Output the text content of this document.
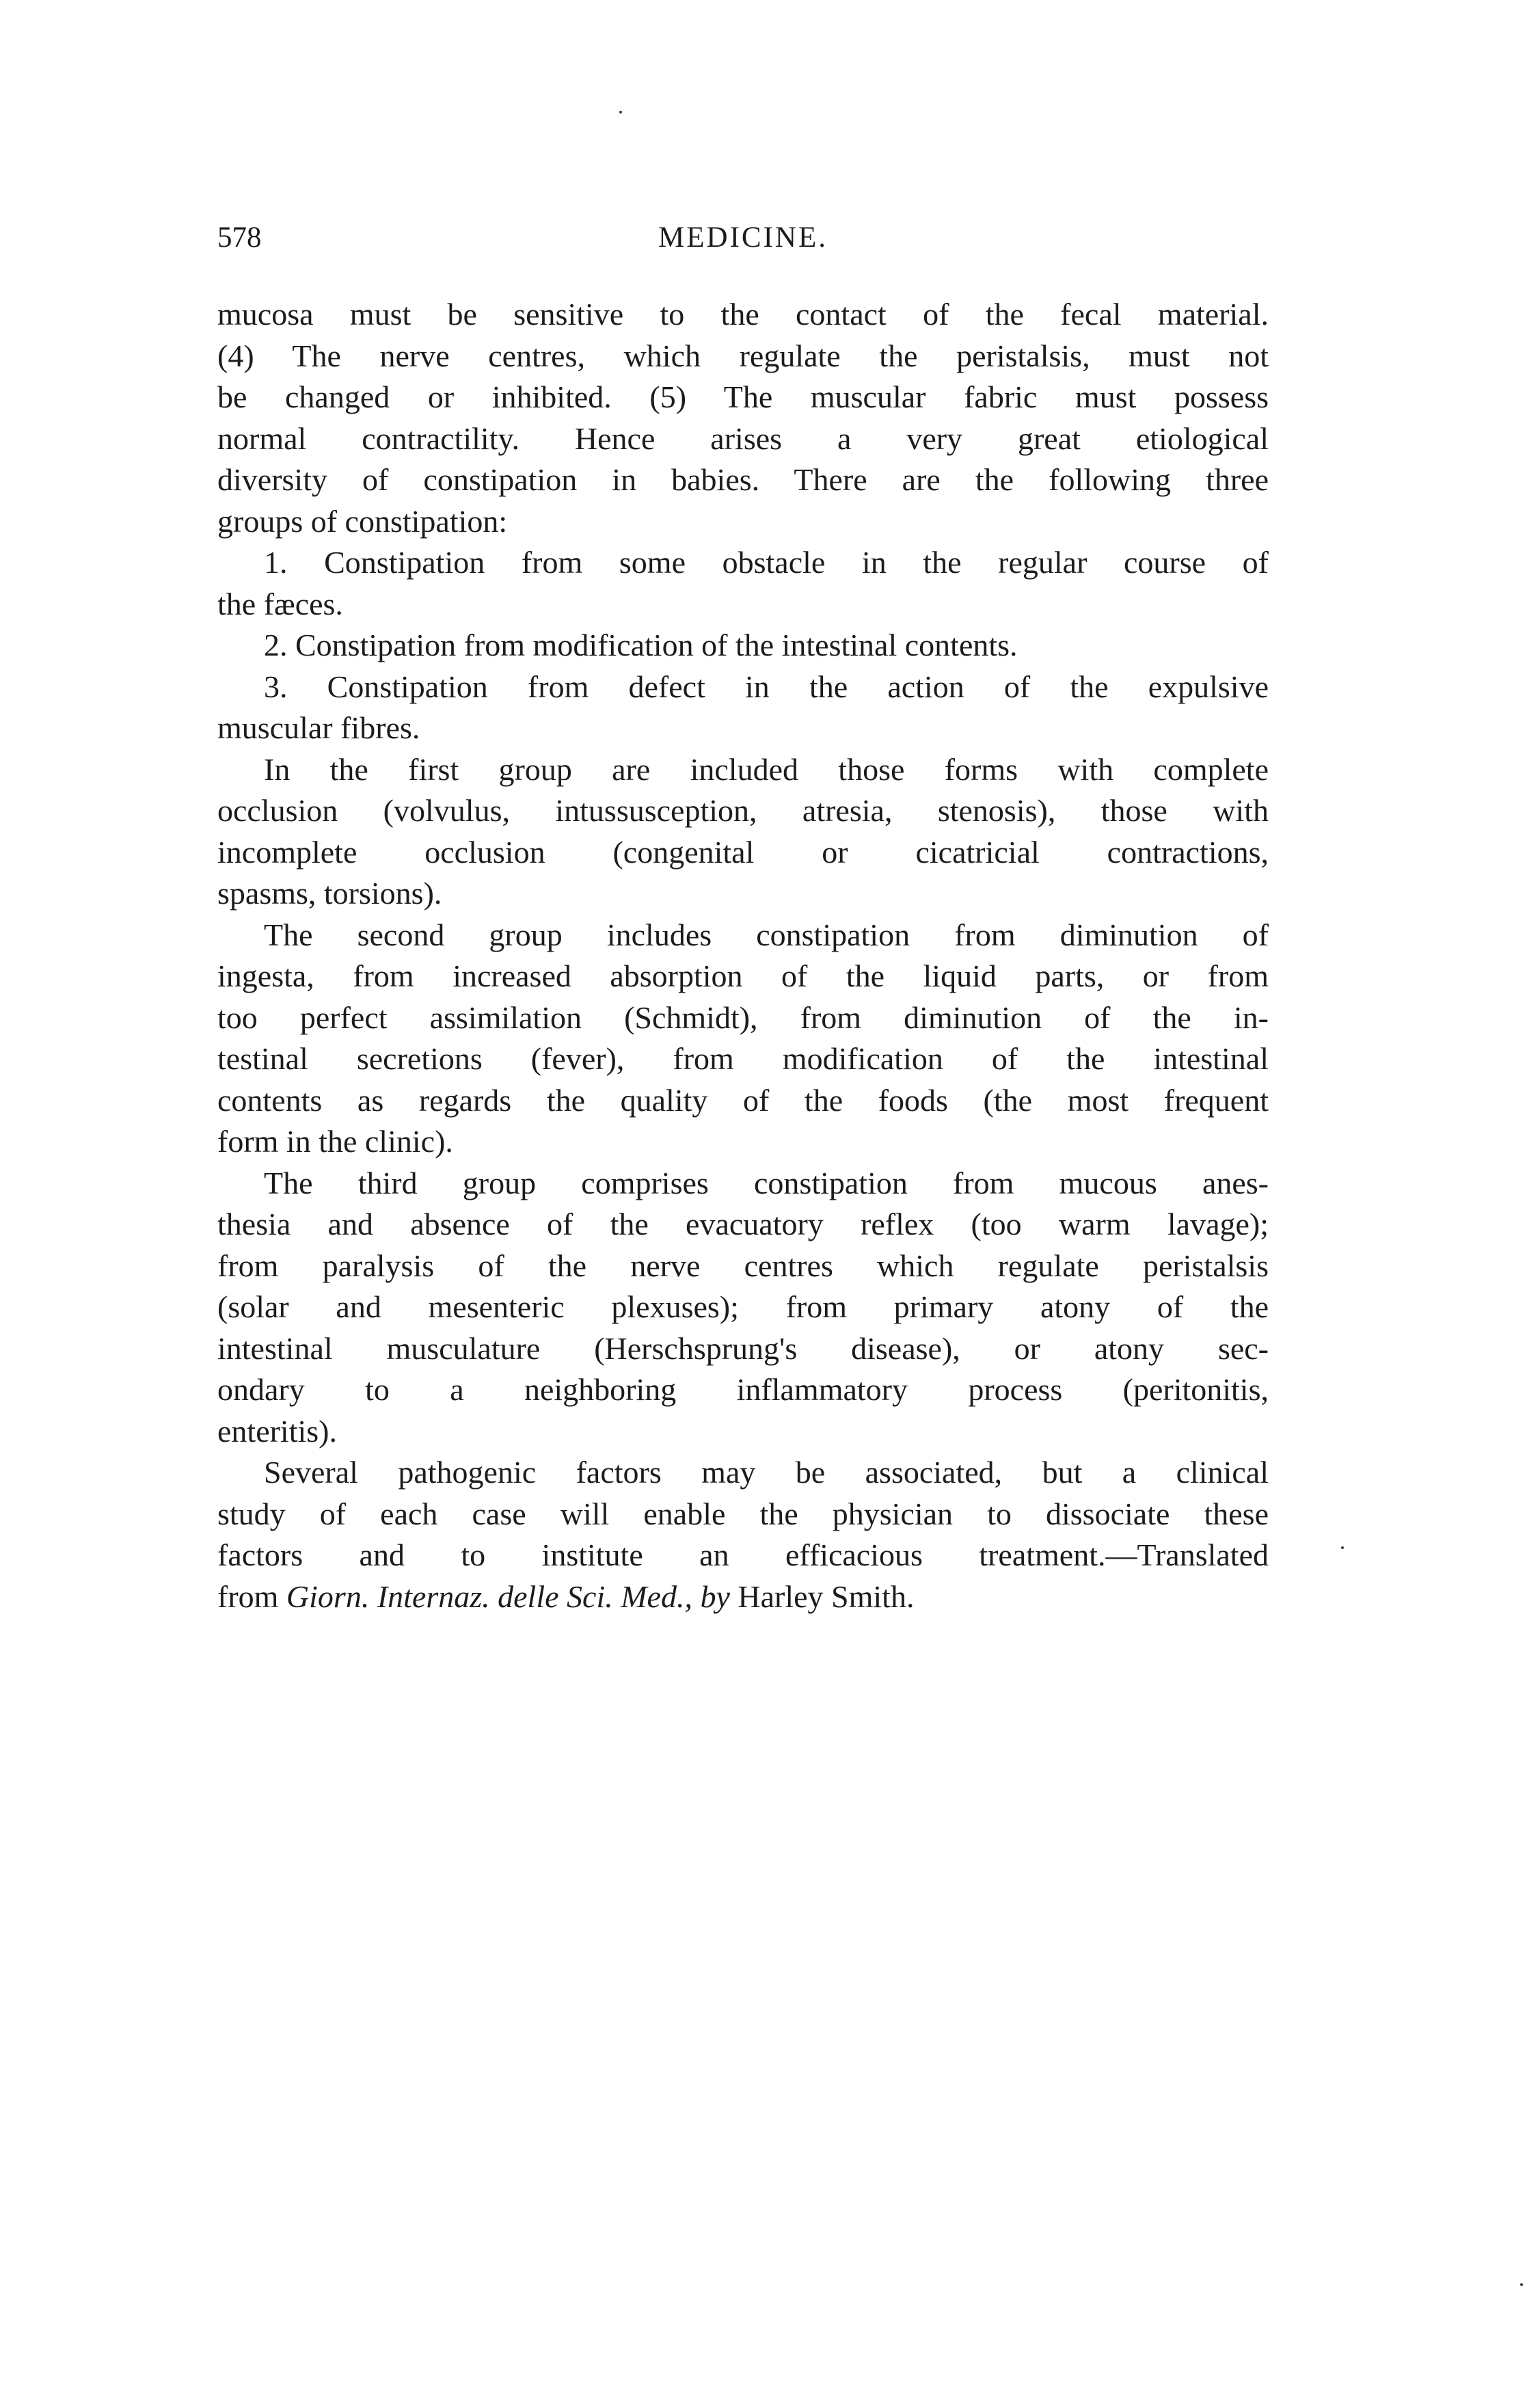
578	MEDICINE.
mucosa must be sensitive to the contact of the fecal material.
(4) The nerve centres, which regulate the peristalsis, must not
be changed or inhibited. (5) The muscular fabric must possess
normal contractility. Hence arises a very great etiological
diversity of constipation in babies. There are the following three
groups of constipation:
1. Constipation from some obstacle in the regular course of
the fæces.
2. Constipation from modification of the intestinal contents.
3. Constipation from defect in the action of the expulsive
muscular fibres.
In the first group are included those forms with complete
occlusion (volvulus, intussusception, atresia, stenosis), those with
incomplete occlusion (congenital or cicatricial contractions,
spasms, torsions).
The second group includes constipation from diminution of
ingesta, from increased absorption of the liquid parts, or from
too perfect assimilation (Schmidt), from diminution of the in-
testinal secretions (fever), from modification of the intestinal
contents as regards the quality of the foods (the most frequent
form in the clinic).
The third group comprises constipation from mucous anes-
thesia and absence of the evacuatory reflex (too warm lavage);
from paralysis of the nerve centres which regulate peristalsis
(solar and mesenteric plexuses); from primary atony of the
intestinal musculature (Herschsprung's disease), or atony sec-
ondary to a neighboring inflammatory process (peritonitis,
enteritis).
Several pathogenic factors may be associated, but a clinical
study of each case will enable the physician to dissociate these
factors and to institute an efficacious treatment.—Translated
from Giorn. Internaz. delle Sci. Med., by Harley Smith.
